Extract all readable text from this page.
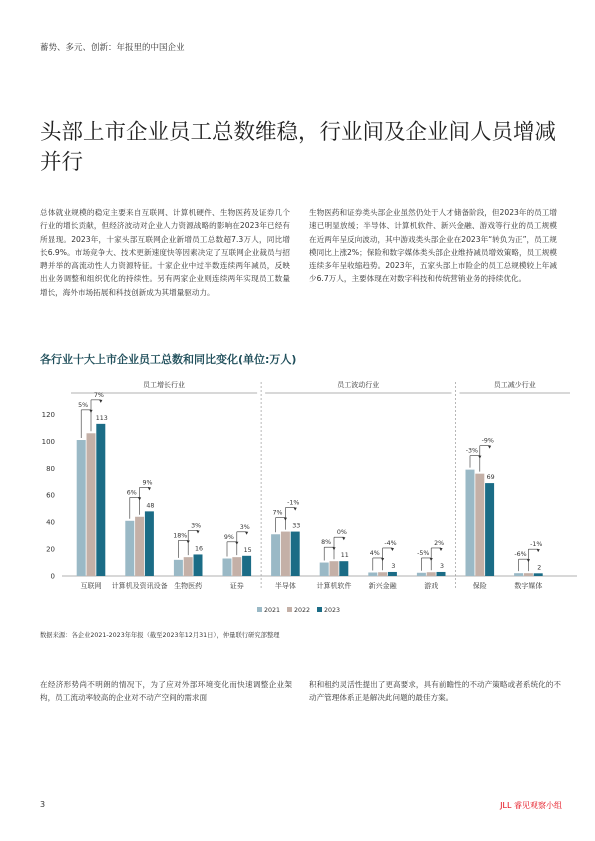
蓄势、多元、创新：年报里的中国企业
头部上市企业员工总数维稳，行业间及企业间人员增减并行

总体就业规模的稳定主要来自互联网、计算机硬件、生物医药及证券几个行业的增长贡献，但经济波动对企业人力资源战略的影响在2023年已经有所显现。2023年，十家头部互联网企业新增员工总数超7.3万人，同比增长6.9%。市场竞争大、技术更新速度快等因素决定了互联网企业裁员与招聘并举的高流动性人力资源特征。十家企业中过半数连续两年减员，反映出业务调整和组织优化的持续性。另有两家企业则连续两年实现员工数量增长，海外市场拓展和科技创新成为其增量驱动力。

生物医药和证券类头部企业虽然仍处于人才储备阶段，但2023年的员工增速已明显放缓；半导体、计算机软件、新兴金融、游戏等行业的员工规模在近两年呈反向波动，其中游戏类头部企业在2023年“转负为正”，员工规模同比上涨2%；保险和数字媒体类头部企业维持减员增效策略，员工规模连续多年呈收缩趋势。2023年，五家头部上市险企的员工总规模较上年减少6.7万人，主要体现在对数字科技和传统营销业务的持续优化。

各行业十大上市企业员工总数和同比变化(单位:万人)
0
20
40
60
80
100
120
员工增长行业	员工波动行业	员工减少行业
113
互联网
5%
7%
48
计算机及资讯设备
6%
9%
16
生物医药
18%
3%
15
证券
9%
3%	33
半导体
7%
-1%
11
计算机软件
8%
0%
3
新兴金融
4%
-4%
3
游戏
-5%
2%
69
保险
-3%
-9%
2
数字媒体
-6%
-1%
2021 2022 2023
数据来源：各企业2021-2023年年报（截至2023年12月31日），仲量联行研究部整理

在经济形势尚不明朗的情况下，为了应对外部环境变化而快速调整企业架构，员工流动率较高的企业对不动产空间的需求面

积和租约灵活性提出了更高要求，具有前瞻性的不动产策略或者系统化的不动产管理体系正是解决此问题的最佳方案。

3	JLL 睿见观察小组
